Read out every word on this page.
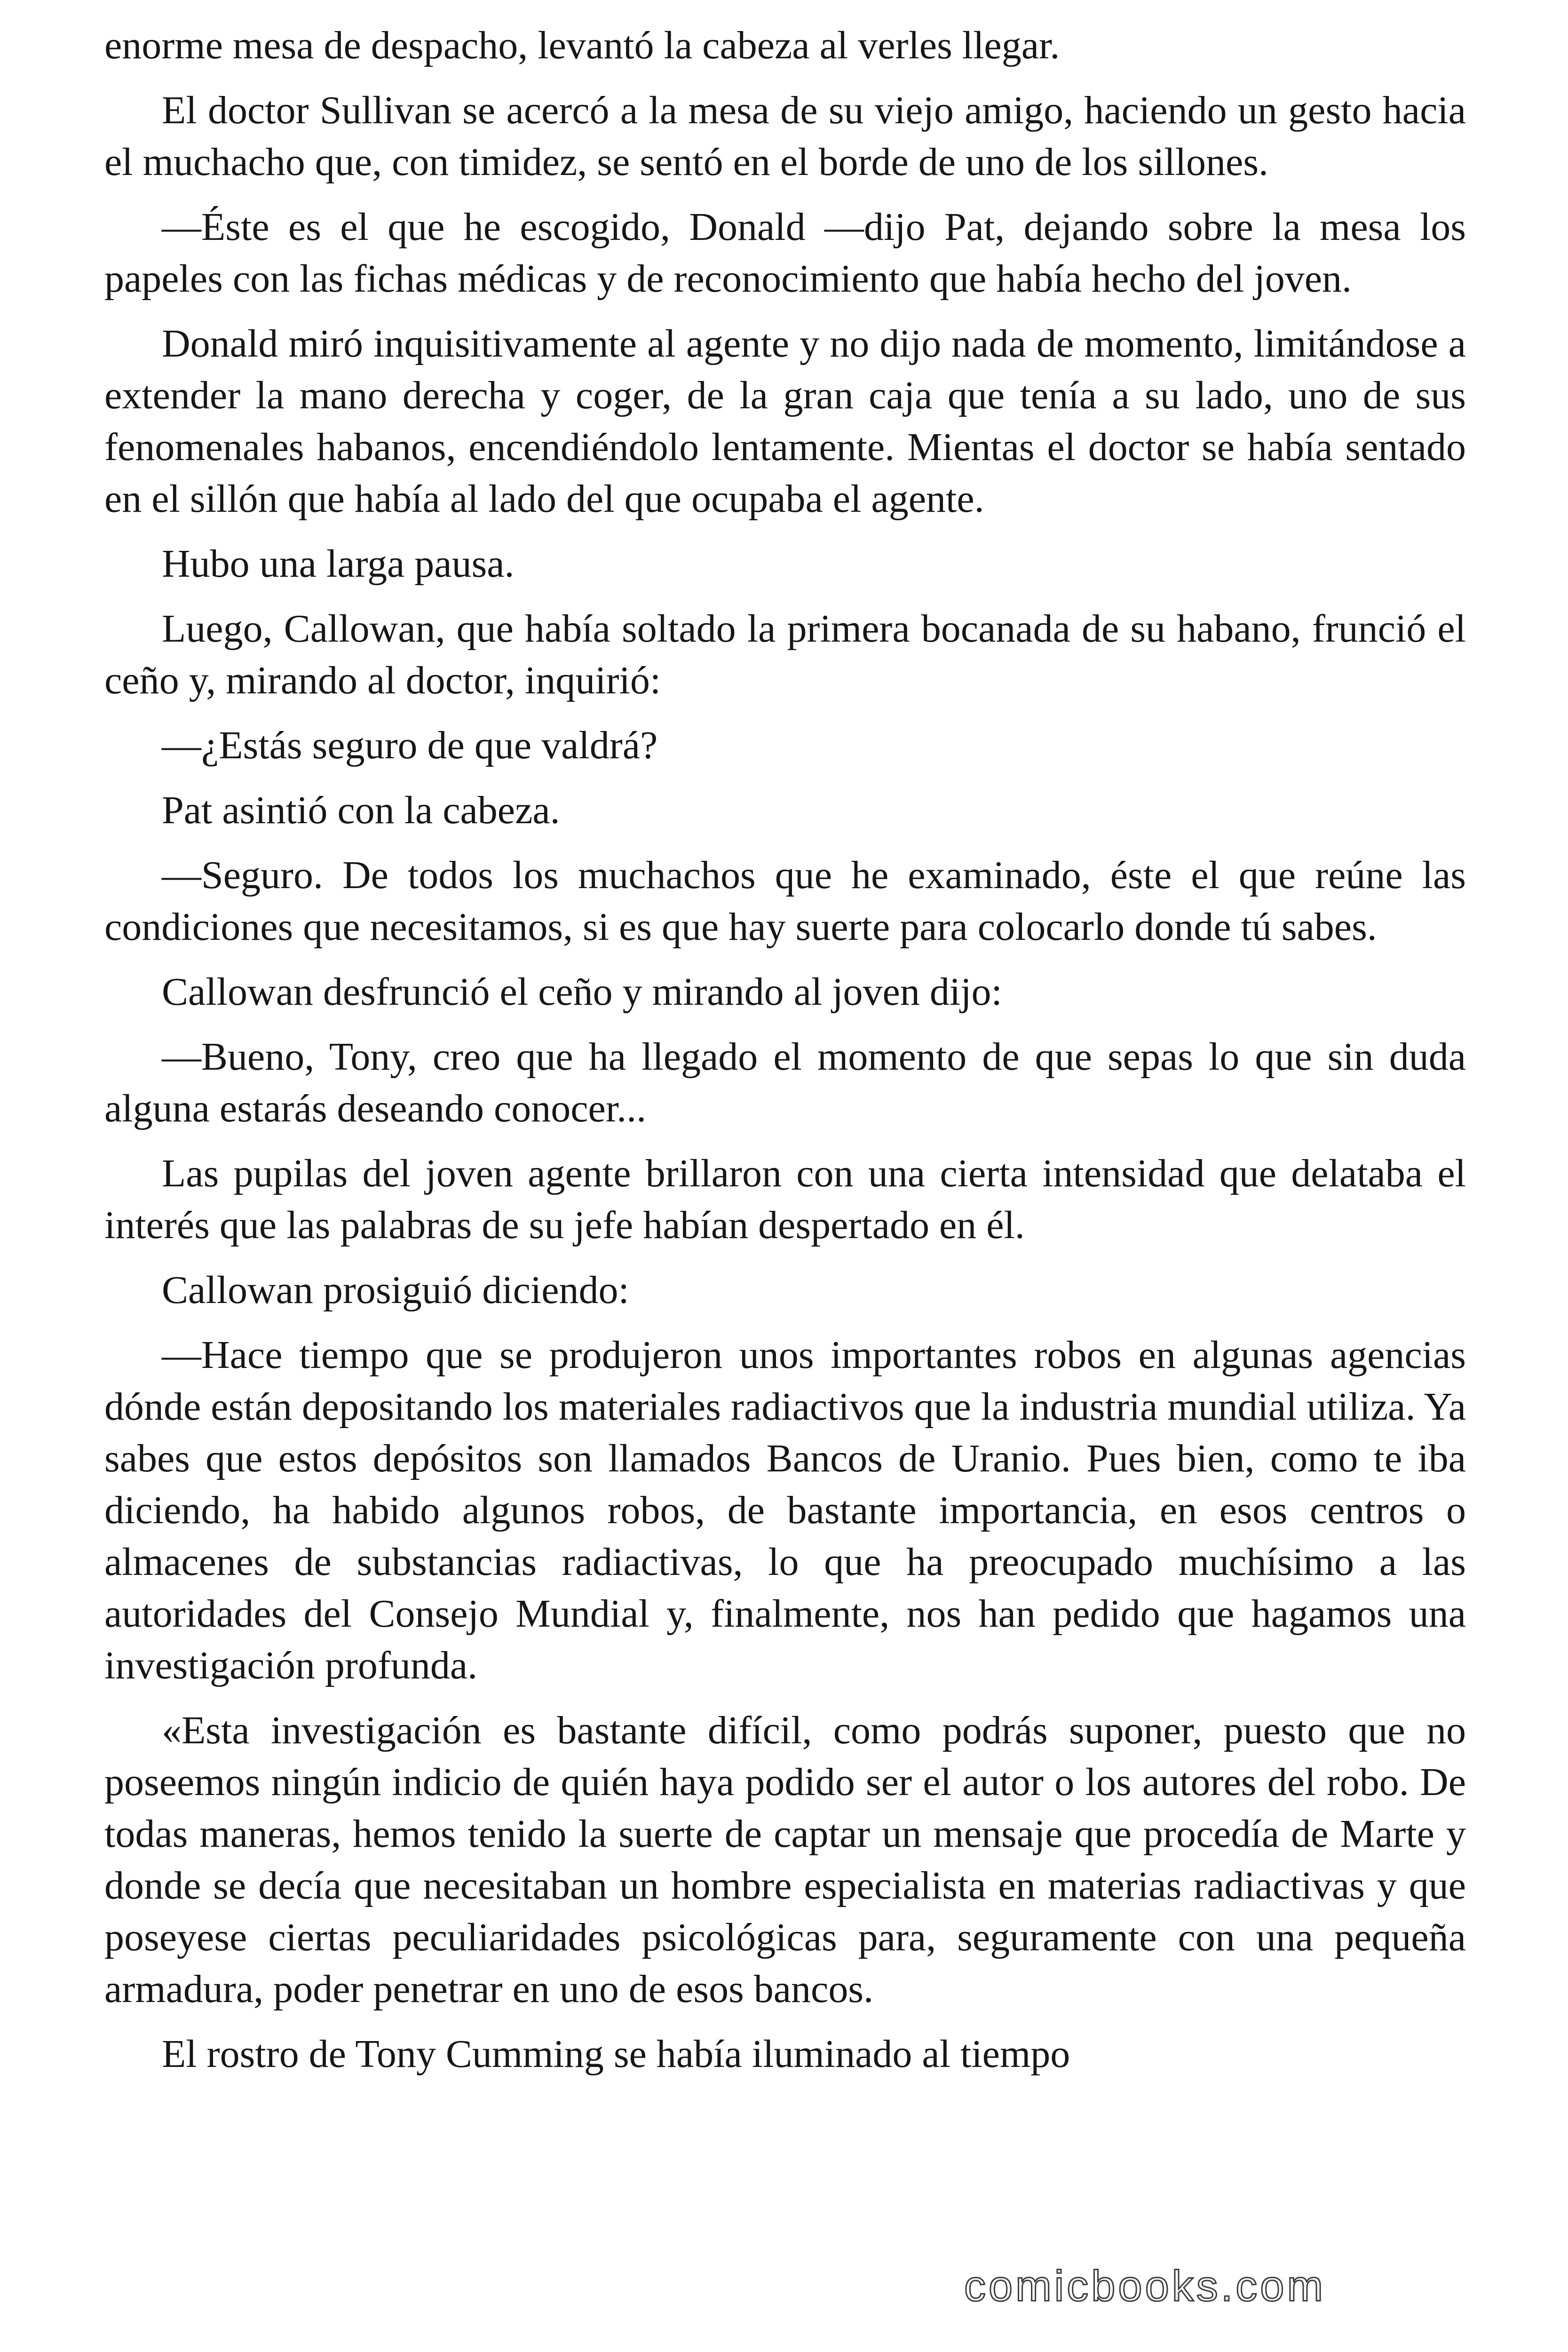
enorme mesa de despacho, levantó la cabeza al verles llegar.

El doctor Sullivan se acercó a la mesa de su viejo amigo, haciendo un gesto hacia el muchacho que, con timidez, se sentó en el borde de uno de los sillones.

—Éste es el que he escogido, Donald —dijo Pat, dejando sobre la mesa los papeles con las fichas médicas y de reconocimiento que había hecho del joven.

Donald miró inquisitivamente al agente y no dijo nada de momento, limitándose a extender la mano derecha y coger, de la gran caja que tenía a su lado, uno de sus fenomenales habanos, encendiéndolo lentamente. Mientas el doctor se había sentado en el sillón que había al lado del que ocupaba el agente.

Hubo una larga pausa.

Luego, Callowan, que había soltado la primera bocanada de su habano, frunció el ceño y, mirando al doctor, inquirió:

—¿Estás seguro de que valdrá?

Pat asintió con la cabeza.

—Seguro. De todos los muchachos que he examinado, éste el que reúne las condiciones que necesitamos, si es que hay suerte para colocarlo donde tú sabes.

Callowan desfrunció el ceño y mirando al joven dijo:

—Bueno, Tony, creo que ha llegado el momento de que sepas lo que sin duda alguna estarás deseando conocer...

Las pupilas del joven agente brillaron con una cierta intensidad que delataba el interés que las palabras de su jefe habían despertado en él.

Callowan prosiguió diciendo:

—Hace tiempo que se produjeron unos importantes robos en algunas agencias dónde están depositando los materiales radiactivos que la industria mundial utiliza. Ya sabes que estos depósitos son llamados Bancos de Uranio. Pues bien, como te iba diciendo, ha habido algunos robos, de bastante importancia, en esos centros o almacenes de substancias radiactivas, lo que ha preocupado muchísimo a las autoridades del Consejo Mundial y, finalmente, nos han pedido que hagamos una investigación profunda.

«Esta investigación es bastante difícil, como podrás suponer, puesto que no poseemos ningún indicio de quién haya podido ser el autor o los autores del robo. De todas maneras, hemos tenido la suerte de captar un mensaje que procedía de Marte y donde se decía que necesitaban un hombre especialista en materias radiactivas y que poseyese ciertas peculiaridades psicológicas para, seguramente con una pequeña armadura, poder penetrar en uno de esos bancos.

El rostro de Tony Cumming se había iluminado al tiempo

comicbooks.com
